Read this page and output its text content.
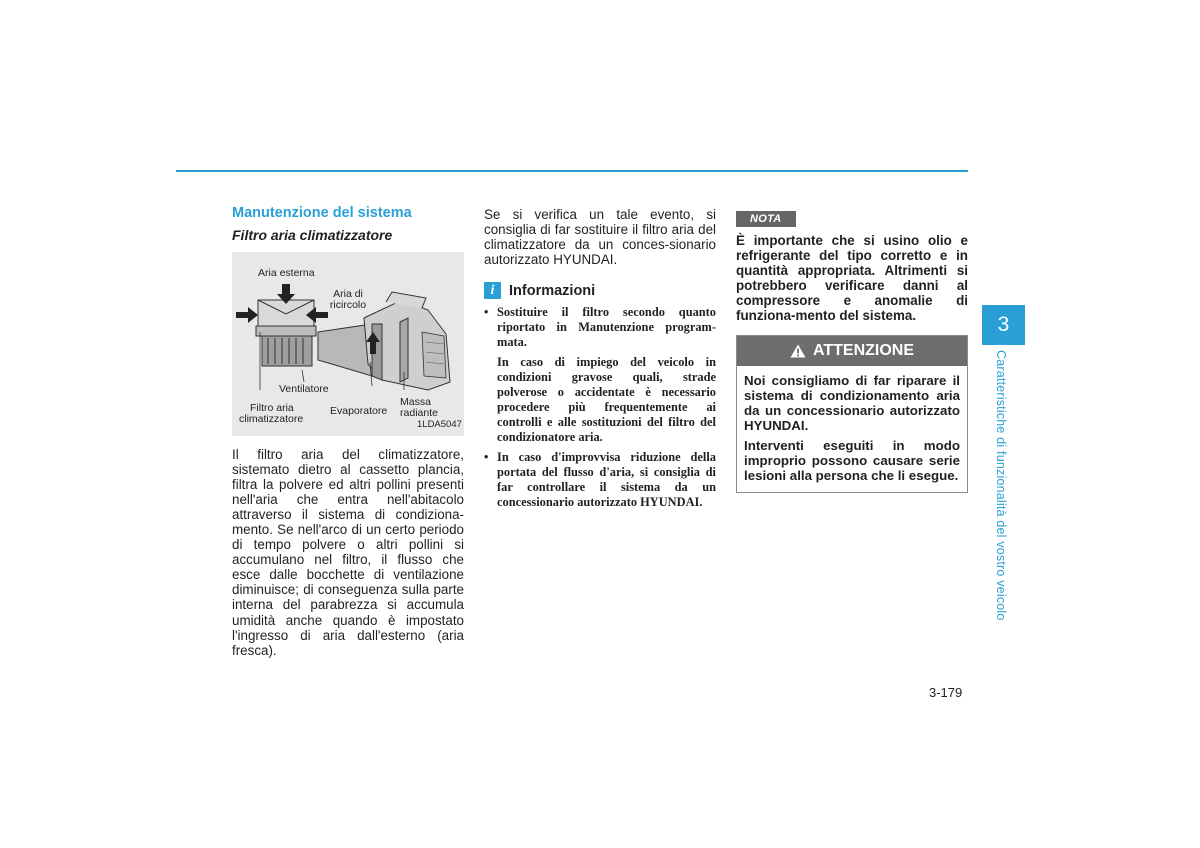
Manutenzione del sistema
Filtro aria climatizzatore
Aria esterna
Aria di
ricircolo
Ventilatore
Filtro aria
climatizzatore
Evaporatore
Massa
radiante
1LDA5047
Il filtro aria del climatizzatore, sistemato dietro al cassetto plancia, filtra la polvere ed altri pollini presenti nell'aria che entra nell'abitacolo attraverso il sistema di condiziona-mento. Se nell'arco di un certo periodo di tempo polvere o altri pollini si accumulano nel filtro, il flusso che esce dalle bocchette di ventilazione diminuisce; di conseguenza sulla parte interna del parabrezza si accumula umidità anche quando è impostato l'ingresso di aria dall'esterno (aria fresca).

Se si verifica un tale evento, si consiglia di far sostituire il filtro aria del climatizzatore da un conces-sionario autorizzato HYUNDAI.

i	Informazioni

• Sostituire il filtro secondo quanto riportato in Manutenzione program-mata.

In caso di impiego del veicolo in condizioni gravose quali, strade polverose o accidentate è necessario procedere più frequentemente ai controlli e alle sostituzioni del filtro del condizionatore aria.

• In caso d'improvvisa riduzione della portata del flusso d'aria, si consiglia di far controllare il sistema da un concessionario autorizzato HYUNDAI.

NOTA

È importante che si usino olio e refrigerante del tipo corretto e in quantità appropriata. Altrimenti si potrebbero verificare danni al compressore e anomalie di funziona-mento del sistema.

ATTENZIONE

Noi consigliamo di far riparare il sistema di condizionamento aria da un concessionario autorizzato HYUNDAI.

Interventi eseguiti in modo improprio possono causare serie lesioni alla persona che li esegue.

3
Caratteristiche di funzionalità del vostro veicolo
3-179
